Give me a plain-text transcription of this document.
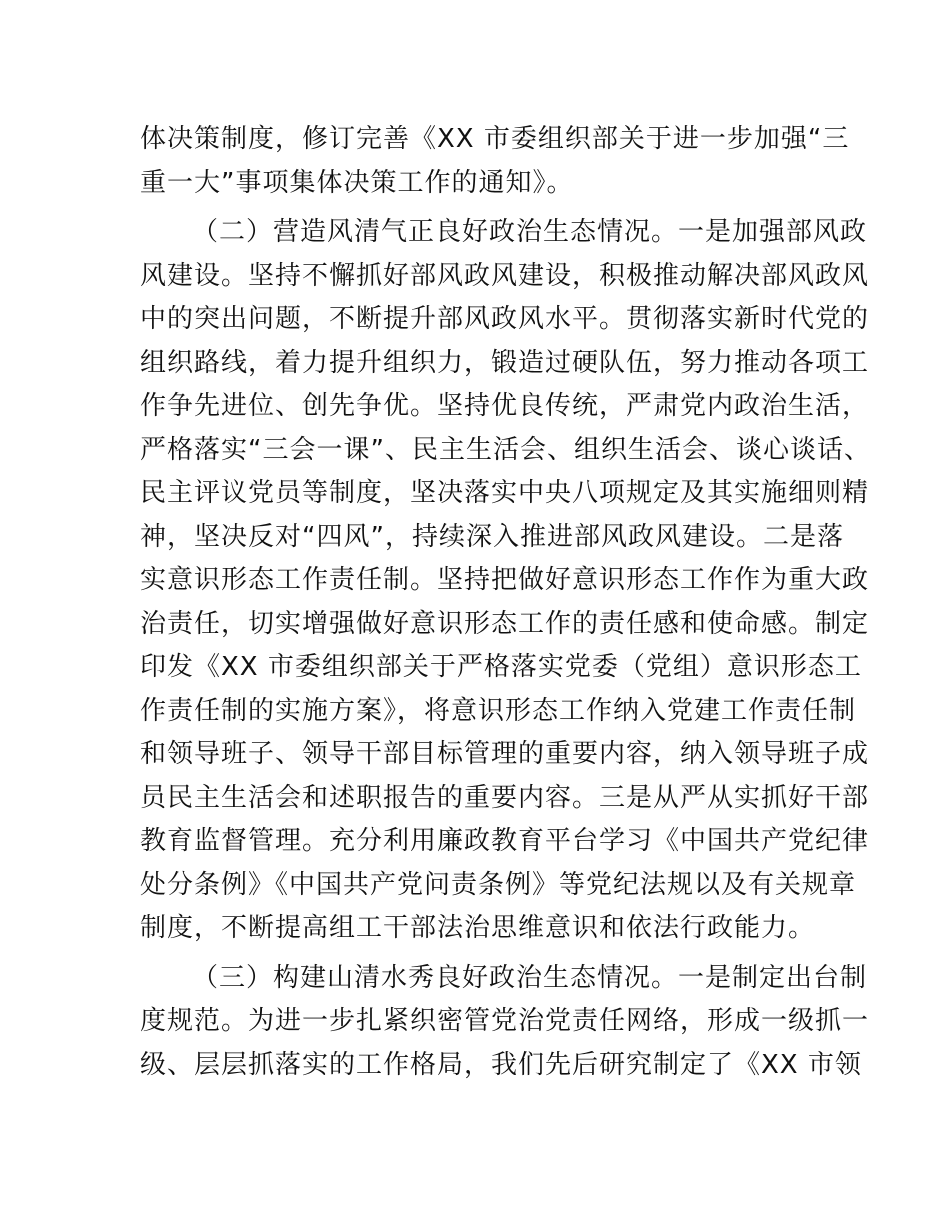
体决策制度，修订完善《XX 市委组织部关于进一步加强“三
重一大”事项集体决策工作的通知》。
（二）营造风清气正良好政治生态情况。一是加强部风政
风建设。坚持不懈抓好部风政风建设，积极推动解决部风政风
中的突出问题，不断提升部风政风水平。贯彻落实新时代党的
组织路线，着力提升组织力，锻造过硬队伍，努力推动各项工
作争先进位、创先争优。坚持优良传统，严肃党内政治生活，
严格落实“三会一课”、民主生活会、组织生活会、谈心谈话、
民主评议党员等制度，坚决落实中央八项规定及其实施细则精
神，坚决反对“四风”，持续深入推进部风政风建设。二是落
实意识形态工作责任制。坚持把做好意识形态工作作为重大政
治责任，切实增强做好意识形态工作的责任感和使命感。制定
印发《XX 市委组织部关于严格落实党委（党组）意识形态工
作责任制的实施方案》，将意识形态工作纳入党建工作责任制
和领导班子、领导干部目标管理的重要内容，纳入领导班子成
员民主生活会和述职报告的重要内容。三是从严从实抓好干部
教育监督管理。充分利用廉政教育平台学习《中国共产党纪律
处分条例》《中国共产党问责条例》等党纪法规以及有关规章
制度，不断提高组工干部法治思维意识和依法行政能力。
（三）构建山清水秀良好政治生态情况。一是制定出台制
度规范。为进一步扎紧织密管党治党责任网络，形成一级抓一
级、层层抓落实的工作格局，我们先后研究制定了《XX 市领
